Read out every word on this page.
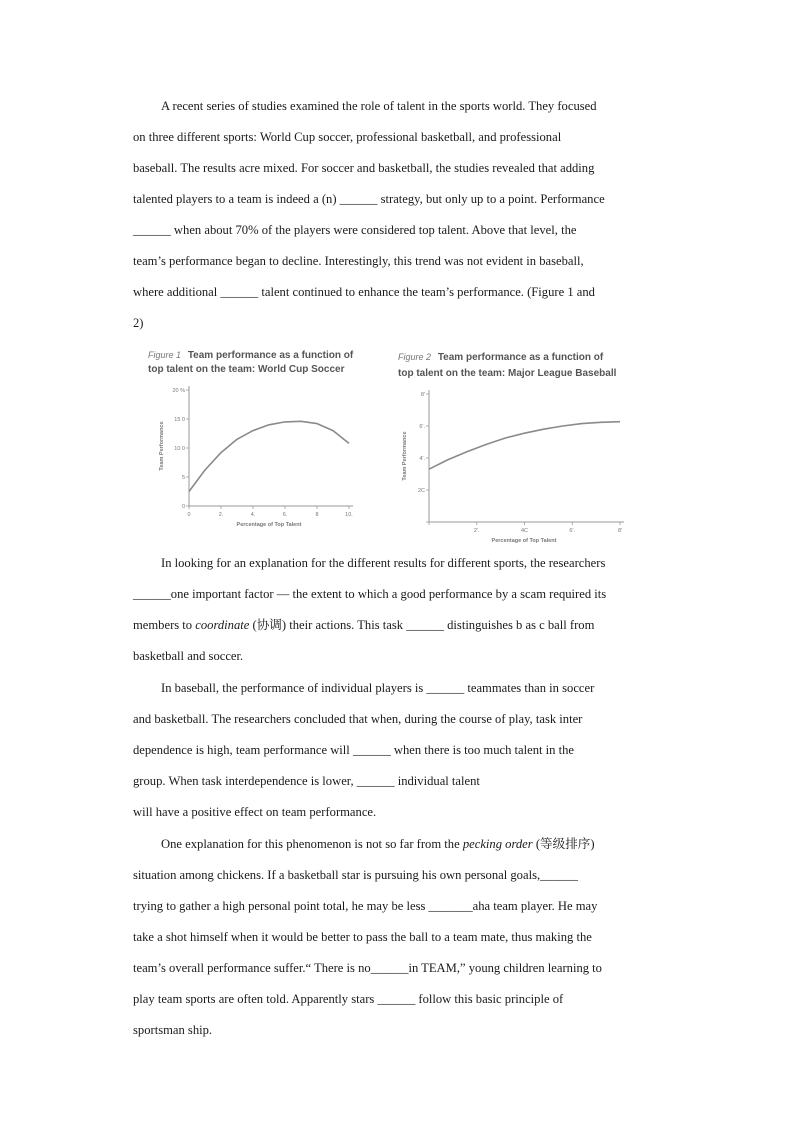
A recent series of studies examined the role of talent in the sports world. They focused
on three different sports: World Cup soccer, professional basketball, and professional
baseball. The results acre mixed. For soccer and basketball, the studies revealed that adding
talented players to a team is indeed a (n) ______ strategy, but only up to a point. Performance
______ when about 70% of the players were considered top talent. Above that level, the
team’s performance began to decline. Interestingly, this trend was not evident in baseball,
where additional ______ talent continued to enhance the team’s performance. (Figure 1 and
2)
Figure 1 Team performance as a function of
top talent on the team: World Cup Soccer
Team Performance
Percentage of Top Talent
0
5
10 0
15 0
20 %
0	2.	4.	6.	8	10.
Figure 2 Team performance as a function of
top talent on the team: Major League Baseball
Team Performance
Percentage of Top Talent
2C
4'.
6'.
8'
2'.	4C	6'.	8'
In looking for an explanation for the different results for different sports, the researchers
______one important factor — the extent to which a good performance by a scam required its
members to coordinate (协调) their actions. This task ______ distinguishes b as c ball from
basketball and soccer.
In baseball, the performance of individual players is ______ teammates than in soccer
and basketball. The researchers concluded that when, during the course of play, task inter
dependence is high, team performance will ______ when there is too much talent in the
group. When task interdependence is lower, ______ individual talent
will have a positive effect on team performance.
One explanation for this phenomenon is not so far from the pecking order (等级排序)
situation among chickens. If a basketball star is pursuing his own personal goals,______
trying to gather a high personal point total, he may be less _______aha team player. He may
take a shot himself when it would be better to pass the ball to a team mate, thus making the
team’s overall performance suffer.“ There is no______in TEAM,” young children learning to
play team sports are often told. Apparently stars ______ follow this basic principle of
sportsman ship.
